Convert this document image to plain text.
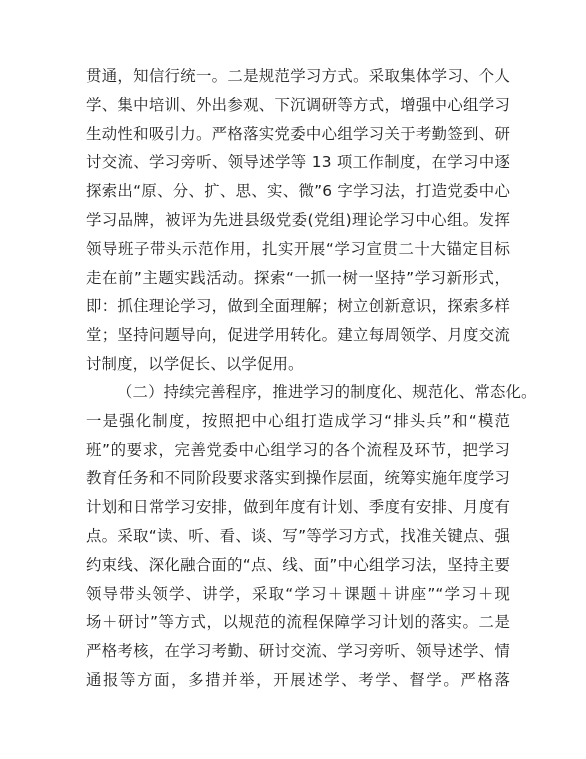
贯通，知信行统一。二是规范学习方式。采取集体学习、个人
学、集中培训、外出参观、下沉调研等方式，增强中心组学习
生动性和吸引力。严格落实党委中心组学习关于考勤签到、研
讨交流、学习旁听、领导述学等 13 项工作制度，在学习中逐
探索出“原、分、扩、思、实、微”6 字学习法，打造党委中心
学习品牌，被评为先进县级党委(党组)理论学习中心组。发挥
领导班子带头示范作用，扎实开展“学习宣贯二十大锚定目标
走在前”主题实践活动。探索“一抓一树一坚持”学习新形式，
即：抓住理论学习，做到全面理解；树立创新意识，探索多样
堂；坚持问题导向，促进学用转化。建立每周领学、月度交流
讨制度，以学促长、以学促用。
（二）持续完善程序，推进学习的制度化、规范化、常态化。
一是强化制度，按照把中心组打造成学习“排头兵”和“模范
班”的要求，完善党委中心组学习的各个流程及环节，把学习
教育任务和不同阶段要求落实到操作层面，统筹实施年度学习
计划和日常学习安排，做到年度有计划、季度有安排、月度有
点。采取“读、听、看、谈、写”等学习方式，找准关键点、强
约束线、深化融合面的“点、线、面”中心组学习法，坚持主要
领导带头领学、讲学，采取“学习＋课题＋讲座”“学习＋现
场＋研讨”等方式，以规范的流程保障学习计划的落实。二是
严格考核，在学习考勤、研讨交流、学习旁听、领导述学、情
通报等方面，多措并举，开展述学、考学、督学。严格落
